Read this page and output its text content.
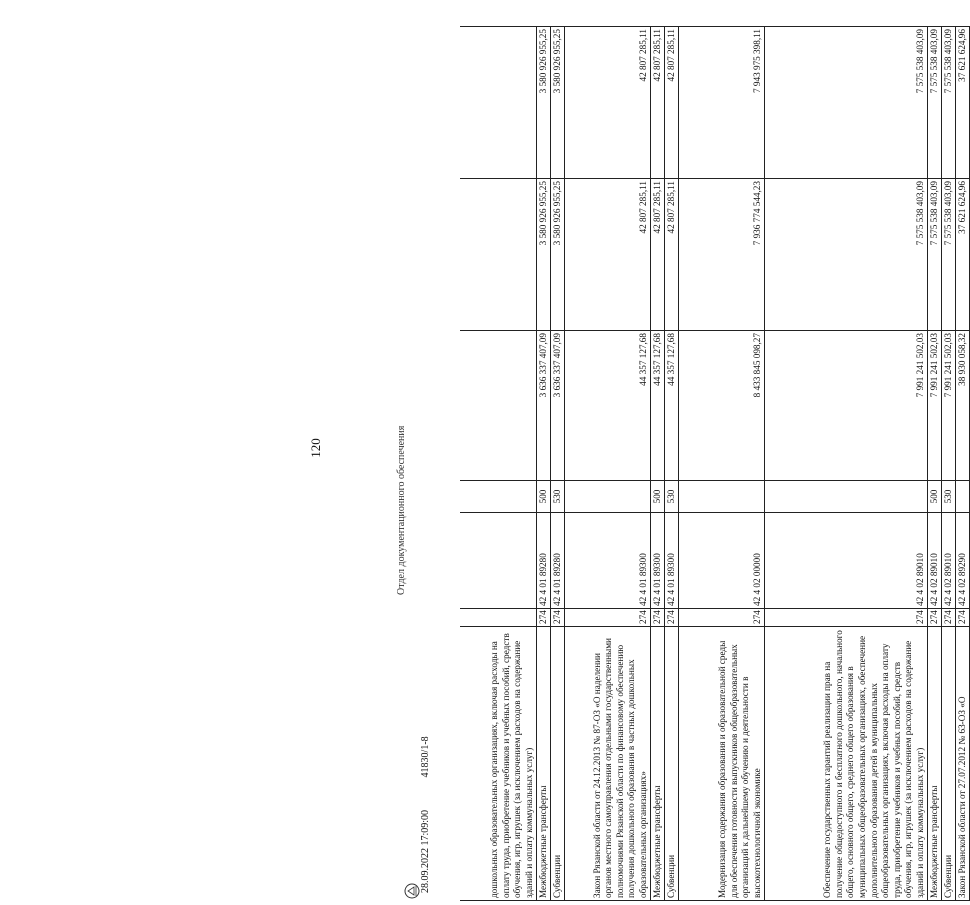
120
дошкольных образовательных организациях, включая расходы на оплату труда, приобретение учебников и учебных пособий, средств обучения, игр, игрушек (за исключением расходов на содержание зданий и оплату коммунальных услуг)						
Межбюджетные трансферты	274	42 4 01 89280	500	3 636 337 407,09	3 580 926 955,25	3 580 926 955,25
Субвенции	274	42 4 01 89280	530	3 636 337 407,09	3 580 926 955,25	3 580 926 955,25
Закон Рязанской области от 24.12.2013 № 87-ОЗ «О наделении органов местного самоуправления отдельными государственными полномочиями Рязанской области по финансовому обеспечению получения дошкольного образования в частных дошкольных образовательных организациях»	274	42 4 01 89300		44 357 127,68	42 807 285,11	42 807 285,11
Межбюджетные трансферты	274	42 4 01 89300	500	44 357 127,68	42 807 285,11	42 807 285,11
Субвенции	274	42 4 01 89300	530	44 357 127,68	42 807 285,11	42 807 285,11
Модернизация содержания образования и образовательной среды для обеспечения готовности выпускников общеобразовательных организаций к дальнейшему обучению и деятельности в высокотехнологичной экономике	274	42 4 02 00000		8 433 845 098,27	7 936 774 544,23	7 943 975 398,11
Обеспечение государственных гарантий реализации прав на получение общедоступного и бесплатного дошкольного, начального общего, основного общего, среднего общего образования в муниципальных общеобразовательных организациях, обеспечение дополнительного образования детей в муниципальных общеобразовательных организациях, включая расходы на оплату труда, приобретение учебников и учебных пособий, средств обучения, игр, игрушек (за исключением расходов на содержание зданий и оплату коммунальных услуг)	274	42 4 02 89010		7 991 241 502,03	7 575 538 403,09	7 575 538 403,09
Межбюджетные трансферты	274	42 4 02 89010	500	7 991 241 502,03	7 575 538 403,09	7 575 538 403,09
Субвенции	274	42 4 02 89010	530	7 991 241 502,03	7 575 538 403,09	7 575 538 403,09
Закон Рязанской области от 27.07.2012 № 63-ОЗ «О	274	42 4 02 89290		38 930 058,32	37 621 624,96	37 621 624,96
28.09.2022 17:09:00 41830/1-8
Отдел документационного обеспечения
